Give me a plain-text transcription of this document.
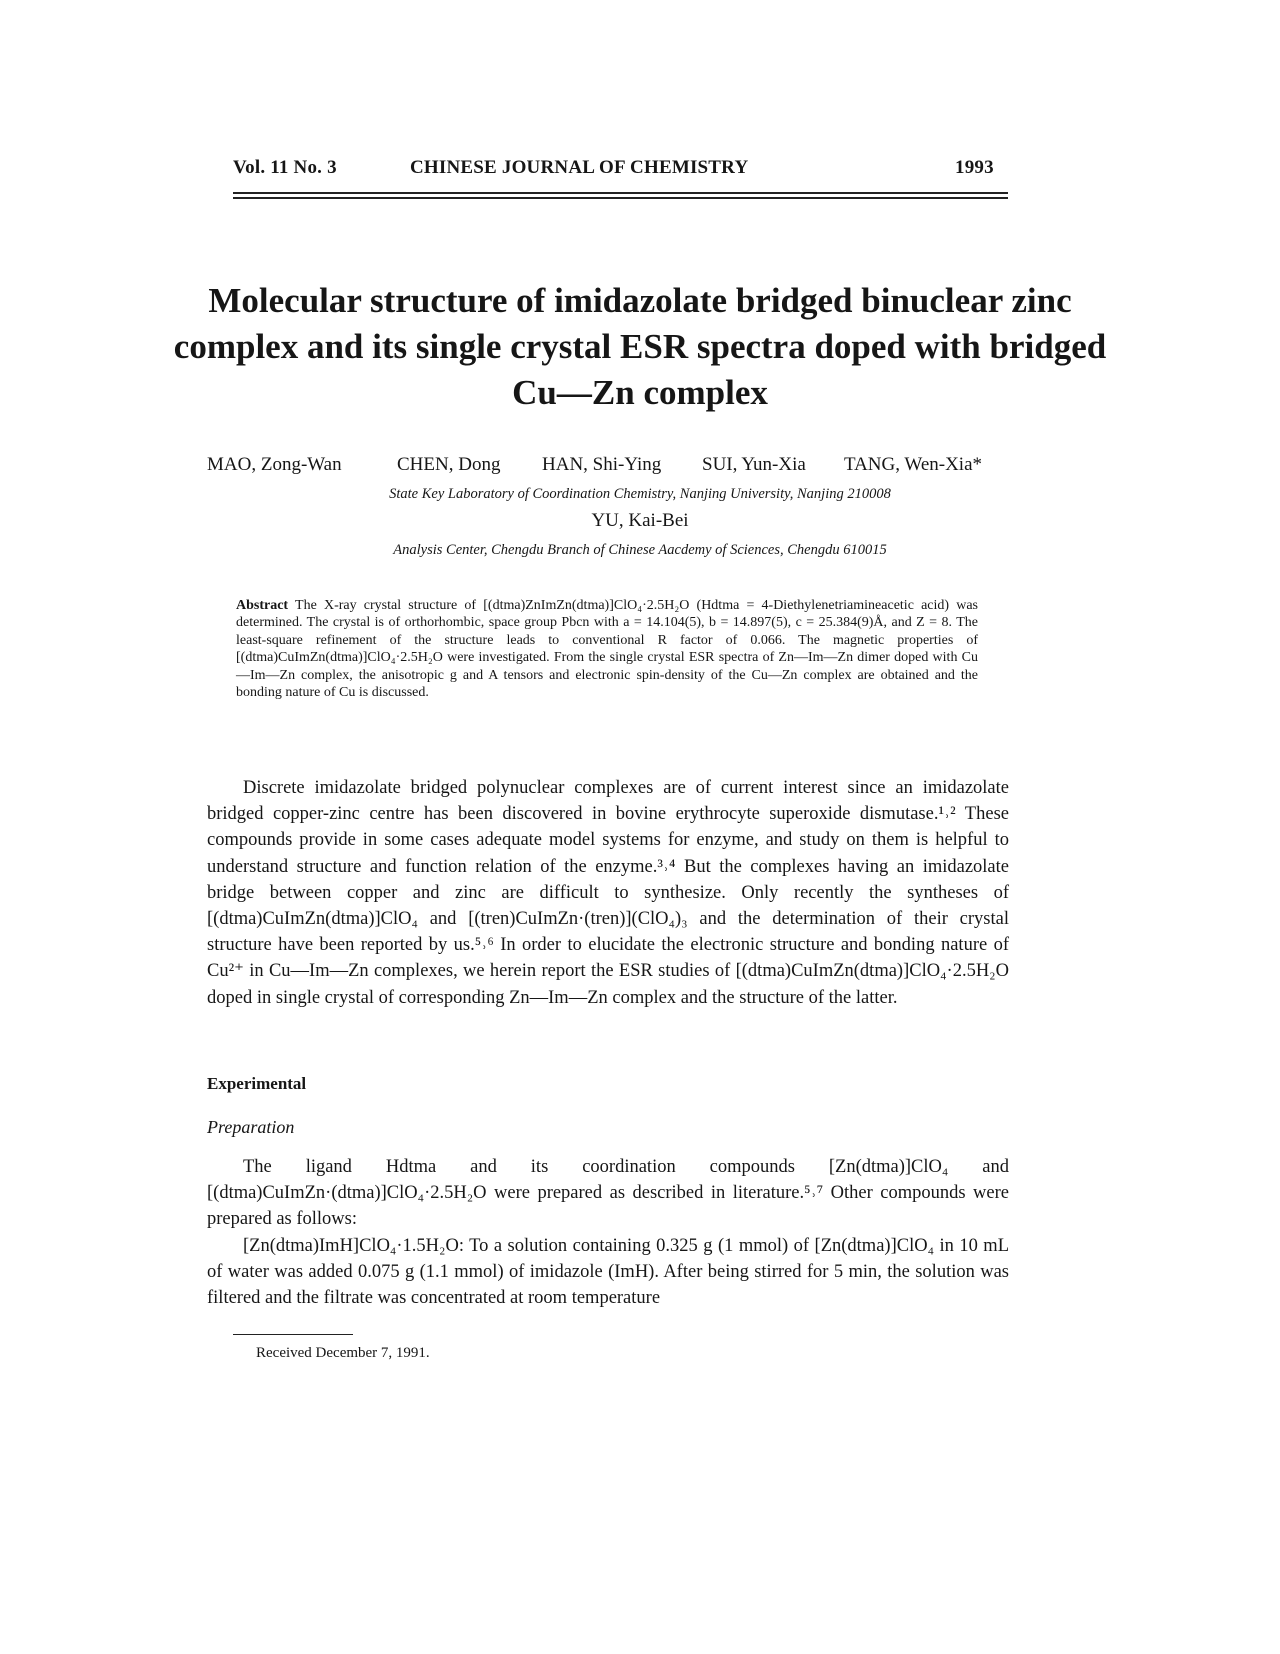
Vol. 11 No. 3	CHINESE JOURNAL OF CHEMISTRY	1993
Molecular structure of imidazolate bridged binuclear zinc complex and its single crystal ESR spectra doped with bridged Cu—Zn complex
MAO, Zong-Wan	CHEN, Dong HAN, Shi-Ying SUI, Yun-Xia TANG, Wen-Xia*
State Key Laboratory of Coordination Chemistry, Nanjing University, Nanjing 210008
YU, Kai-Bei
Analysis Center, Chengdu Branch of Chinese Aacdemy of Sciences, Chengdu 610015
Abstract The X-ray crystal structure of [(dtma)ZnImZn(dtma)]ClO₄·2.5H₂O (Hdtma = 4-Diethylenetriamineacetic acid) was determined. The crystal is of orthorhombic, space group Pbcn with a = 14.104(5), b = 14.897(5), c = 25.384(9)Å, and Z = 8. The least-square refinement of the structure leads to conventional R factor of 0.066. The magnetic properties of [(dtma)CuImZn(dtma)]ClO₄·2.5H₂O were investigated. From the single crystal ESR spectra of Zn—Im—Zn dimer doped with Cu—Im—Zn complex, the anisotropic g and A tensors and electronic spin-density of the Cu—Zn complex are obtained and the bonding nature of Cu is discussed.

Discrete imidazolate bridged polynuclear complexes are of current interest since an imidazolate bridged copper-zinc centre has been discovered in bovine erythrocyte superoxide dismutase.¹˒² These compounds provide in some cases adequate model systems for enzyme, and study on them is helpful to understand structure and function relation of the enzyme.³˒⁴ But the complexes having an imidazolate bridge between copper and zinc are difficult to synthesize. Only recently the syntheses of [(dtma)CuImZn(dtma)]ClO₄ and [(tren)CuImZn·(tren)](ClO₄)₃ and the determination of their crystal structure have been reported by us.⁵˒⁶ In order to elucidate the electronic structure and bonding nature of Cu²⁺ in Cu—Im—Zn complexes, we herein report the ESR studies of [(dtma)CuImZn(dtma)]ClO₄·2.5H₂O doped in single crystal of corresponding Zn—Im—Zn complex and the structure of the latter.

Experimental
Preparation

The ligand Hdtma and its coordination compounds [Zn(dtma)]ClO₄ and [(dtma)CuImZn·(dtma)]ClO₄·2.5H₂O were prepared as described in literature.⁵˒⁷ Other compounds were prepared as follows:

[Zn(dtma)ImH]ClO₄·1.5H₂O: To a solution containing 0.325 g (1 mmol) of [Zn(dtma)]ClO₄ in 10 mL of water was added 0.075 g (1.1 mmol) of imidazole (ImH). After being stirred for 5 min, the solution was filtered and the filtrate was concentrated at room temperature

Received December 7, 1991.
